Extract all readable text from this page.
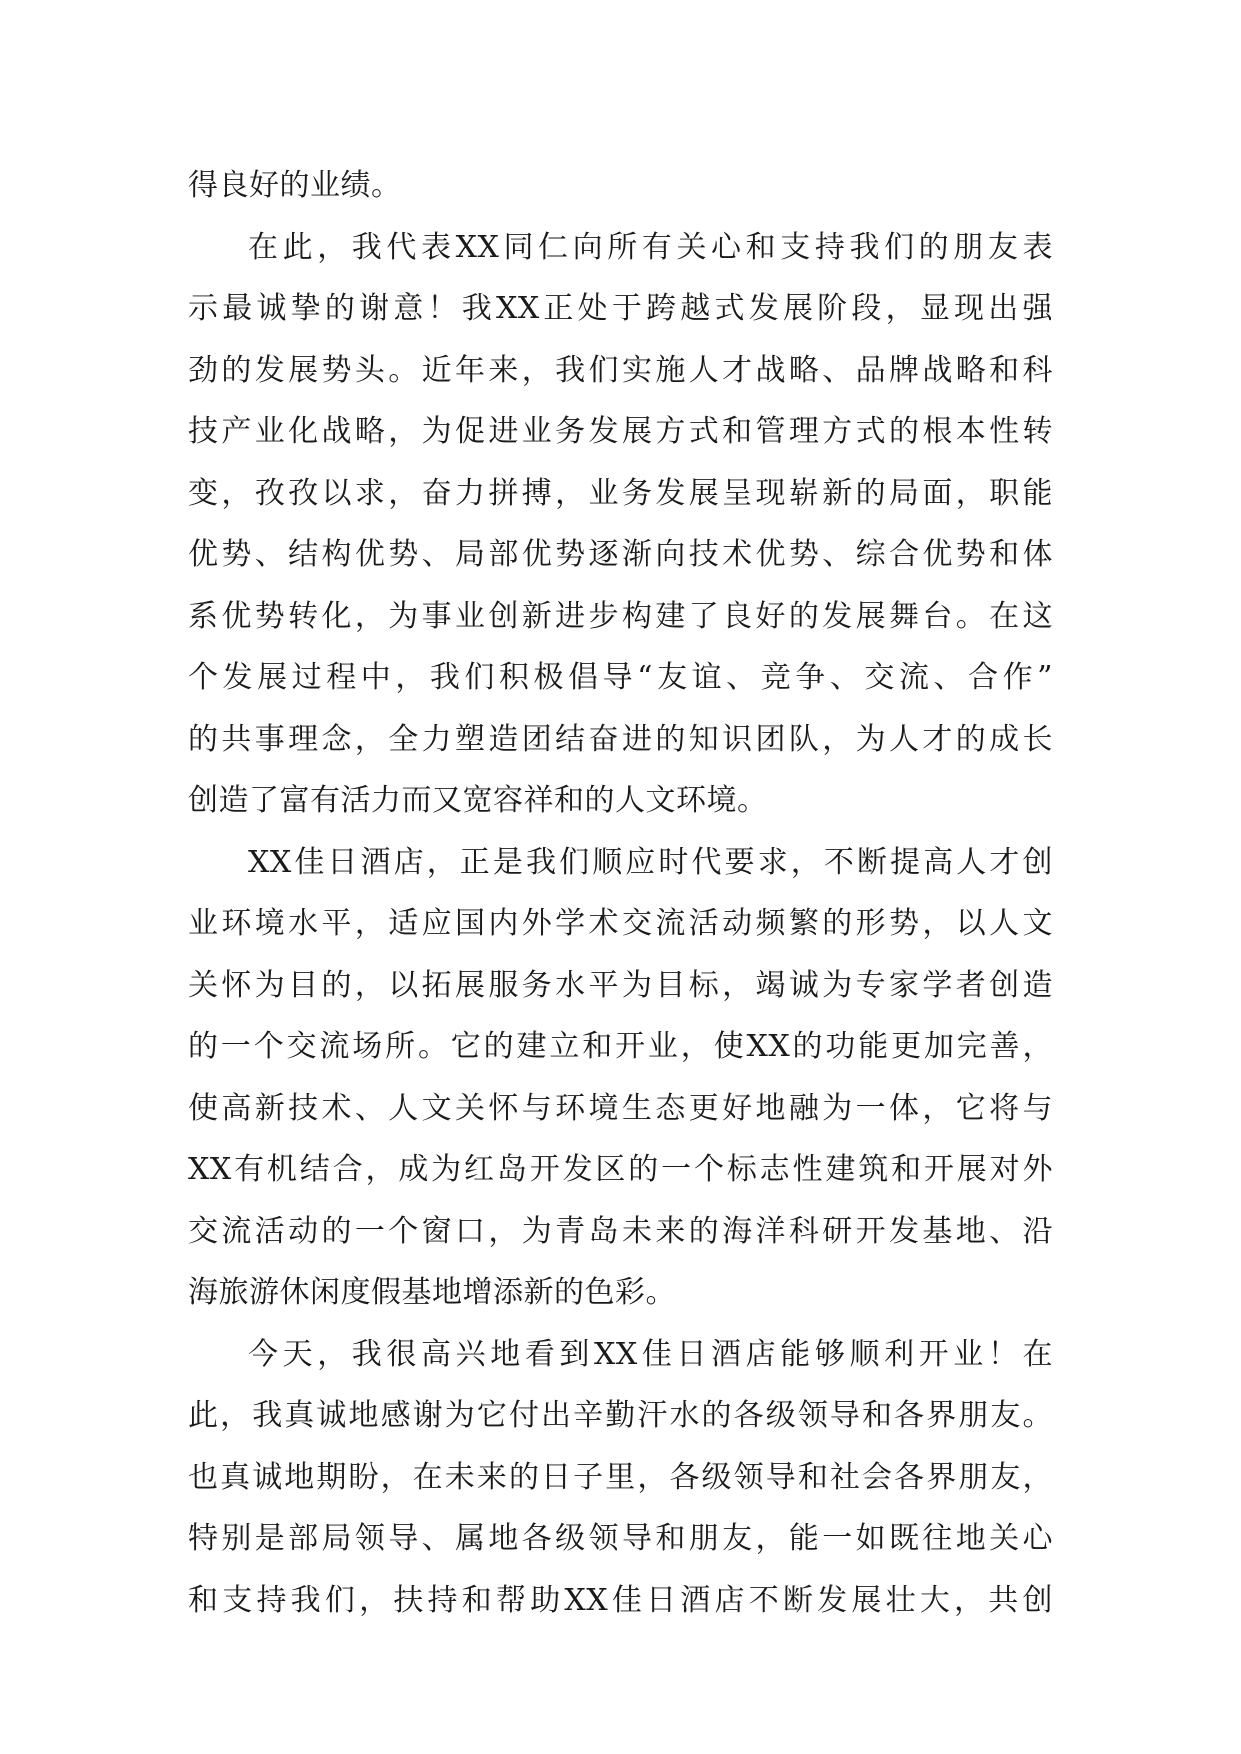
得良好的业绩。
在此，我代表XX同仁向所有关心和支持我们的朋友表
示最诚挚的谢意！我XX正处于跨越式发展阶段，显现出强
劲的发展势头。近年来，我们实施人才战略、品牌战略和科
技产业化战略，为促进业务发展方式和管理方式的根本性转
变，孜孜以求，奋力拼搏，业务发展呈现崭新的局面，职能
优势、结构优势、局部优势逐渐向技术优势、综合优势和体
系优势转化，为事业创新进步构建了良好的发展舞台。在这
个发展过程中，我们积极倡导“友谊、竞争、交流、合作”
的共事理念，全力塑造团结奋进的知识团队，为人才的成长
创造了富有活力而又宽容祥和的人文环境。
XX佳日酒店，正是我们顺应时代要求，不断提高人才创
业环境水平，适应国内外学术交流活动频繁的形势，以人文
关怀为目的，以拓展服务水平为目标，竭诚为专家学者创造
的一个交流场所。它的建立和开业，使XX的功能更加完善，
使高新技术、人文关怀与环境生态更好地融为一体，它将与
XX有机结合，成为红岛开发区的一个标志性建筑和开展对外
交流活动的一个窗口，为青岛未来的海洋科研开发基地、沿
海旅游休闲度假基地增添新的色彩。
今天，我很高兴地看到XX佳日酒店能够顺利开业！在
此，我真诚地感谢为它付出辛勤汗水的各级领导和各界朋友。
也真诚地期盼，在未来的日子里，各级领导和社会各界朋友，
特别是部局领导、属地各级领导和朋友，能一如既往地关心
和支持我们，扶持和帮助XX佳日酒店不断发展壮大，共创
